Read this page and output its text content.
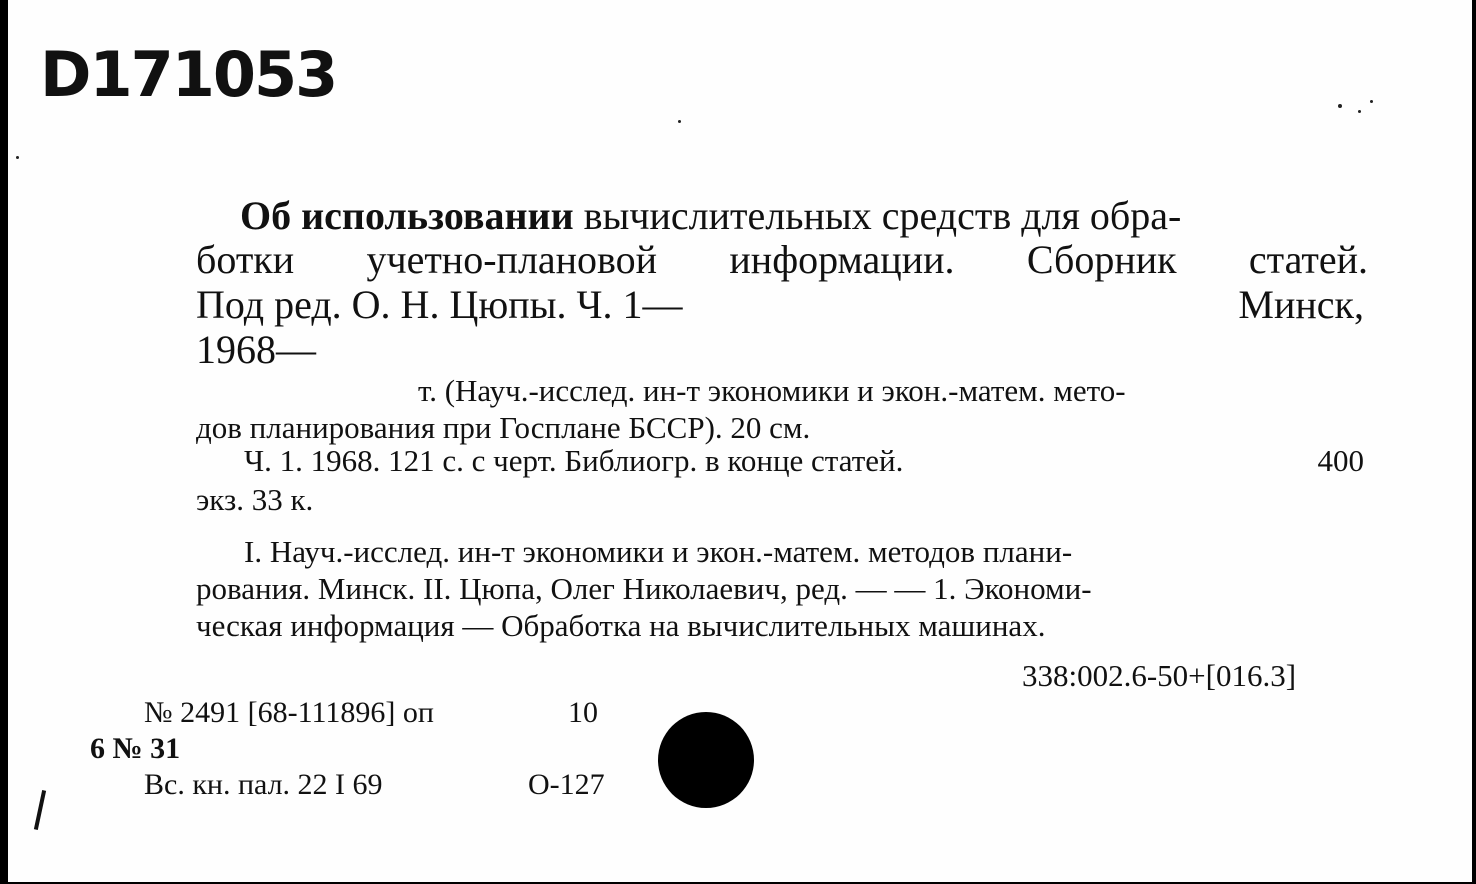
D171053
Об использовании вычислительных средств для обра-
ботки учетно-плановой информации. Сборник статей.
Под ред. О. Н. Цюпы. Ч. 1—	Минск,
1968—
т. (Науч.-исслед. ин-т экономики и экон.-матем. мето-
дов планирования при Госплане БССР). 20 см.
Ч. 1. 1968. 121 с. с черт. Библиогр. в конце статей.	400
экз. 33 к.
I. Науч.-исслед. ин-т экономики и экон.-матем. методов плани-
рования. Минск. II. Цюпа, Олег Николаевич, ред. — — 1. Экономи-
ческая информация — Обработка на вычислительных машинах.
338:002.6-50+[016.3]
№ 2491 [68-111896] оп	10
6 № 31
Вс. кн. пал. 22 I 69	О-127
